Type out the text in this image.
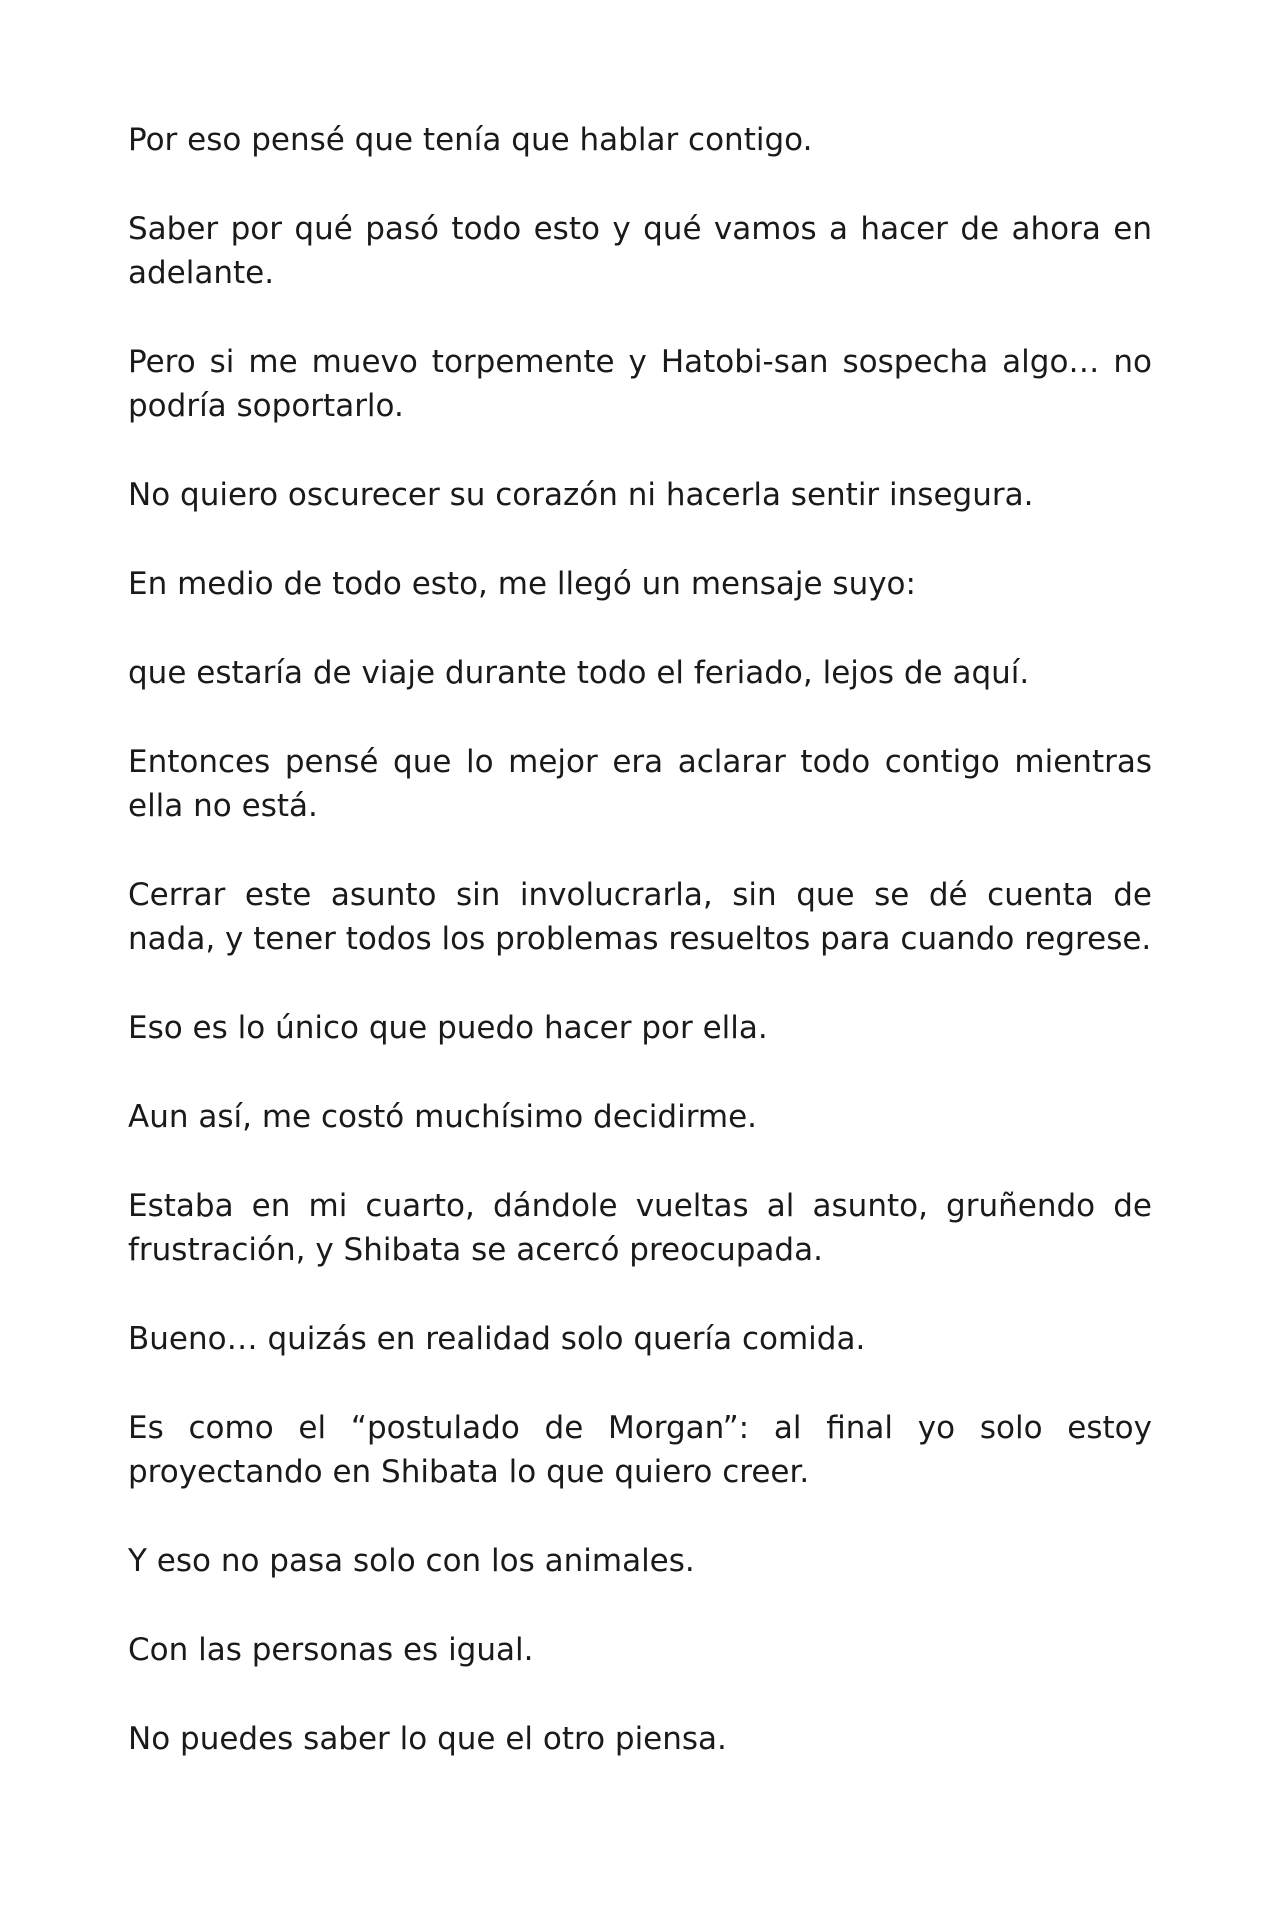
Por eso pensé que tenía que hablar contigo.

Saber por qué pasó todo esto y qué vamos a hacer de ahora en adelante.

Pero si me muevo torpemente y Hatobi-san sospecha algo… no podría soportarlo.

No quiero oscurecer su corazón ni hacerla sentir insegura.

En medio de todo esto, me llegó un mensaje suyo:

que estaría de viaje durante todo el feriado, lejos de aquí.

Entonces pensé que lo mejor era aclarar todo contigo mientras ella no está.

Cerrar este asunto sin involucrarla, sin que se dé cuenta de nada, y tener todos los problemas resueltos para cuando regrese.

Eso es lo único que puedo hacer por ella.

Aun así, me costó muchísimo decidirme.

Estaba en mi cuarto, dándole vueltas al asunto, gruñendo de frustración, y Shibata se acercó preocupada.

Bueno… quizás en realidad solo quería comida.

Es como el “postulado de Morgan”: al final yo solo estoy proyectando en Shibata lo que quiero creer.

Y eso no pasa solo con los animales.

Con las personas es igual.

No puedes saber lo que el otro piensa.
